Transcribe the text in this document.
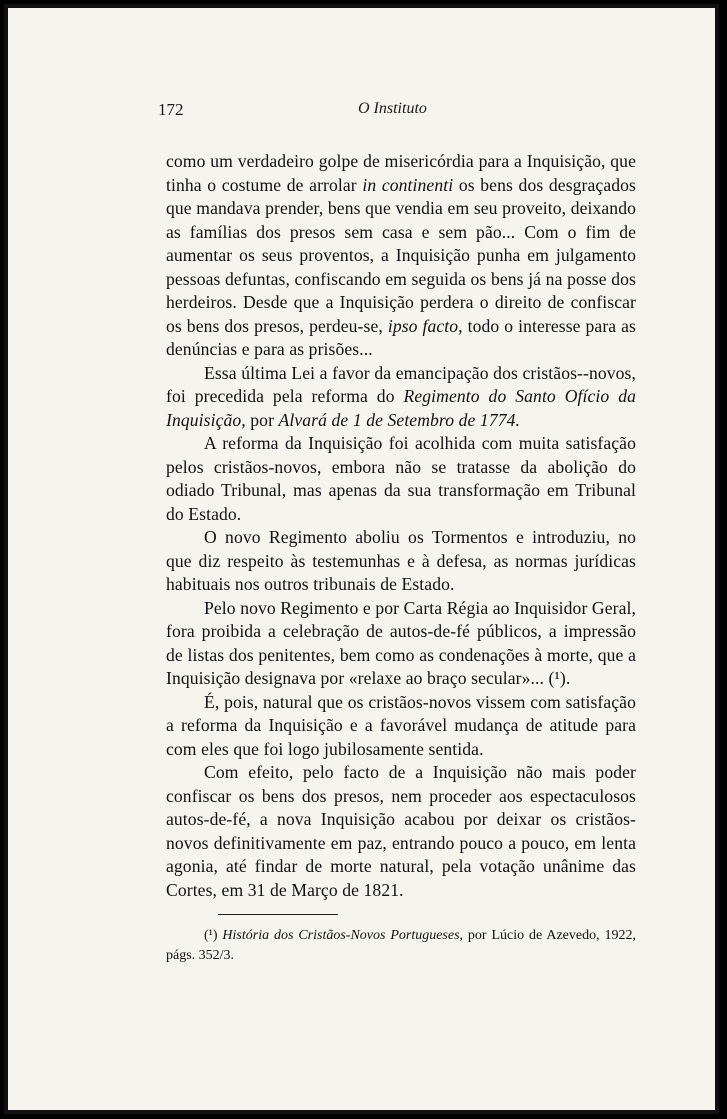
172	O Instituto

como um verdadeiro golpe de misericórdia para a Inquisição, que tinha o costume de arrolar in continenti os bens dos desgraçados que mandava prender, bens que vendia em seu proveito, deixando as famílias dos presos sem casa e sem pão... Com o fim de aumentar os seus proventos, a Inquisição punha em julgamento pessoas defuntas, confiscando em seguida os bens já na posse dos herdeiros. Desde que a Inquisição perdera o direito de confiscar os bens dos presos, perdeu-se, ipso facto, todo o interesse para as denúncias e para as prisões...

Essa última Lei a favor da emancipação dos cristãos--novos, foi precedida pela reforma do Regimento do Santo Ofício da Inquisição, por Alvará de 1 de Setembro de 1774.

A reforma da Inquisição foi acolhida com muita satisfação pelos cristãos-novos, embora não se tratasse da abolição do odiado Tribunal, mas apenas da sua transformação em Tribunal do Estado.

O novo Regimento aboliu os Tormentos e introduziu, no que diz respeito às testemunhas e à defesa, as normas jurídicas habituais nos outros tribunais de Estado.

Pelo novo Regimento e por Carta Régia ao Inquisidor Geral, fora proibida a celebração de autos-de-fé públicos, a impressão de listas dos penitentes, bem como as condenações à morte, que a Inquisição designava por «relaxe ao braço secular»... (¹).

É, pois, natural que os cristãos-novos vissem com satisfação a reforma da Inquisição e a favorável mudança de atitude para com eles que foi logo jubilosamente sentida.

Com efeito, pelo facto de a Inquisição não mais poder confiscar os bens dos presos, nem proceder aos espectaculosos autos-de-fé, a nova Inquisição acabou por deixar os cristãos-novos definitivamente em paz, entrando pouco a pouco, em lenta agonia, até findar de morte natural, pela votação unânime das Cortes, em 31 de Março de 1821.

(¹) História dos Cristãos-Novos Portugueses, por Lúcio de Azevedo, 1922, págs. 352/3.
